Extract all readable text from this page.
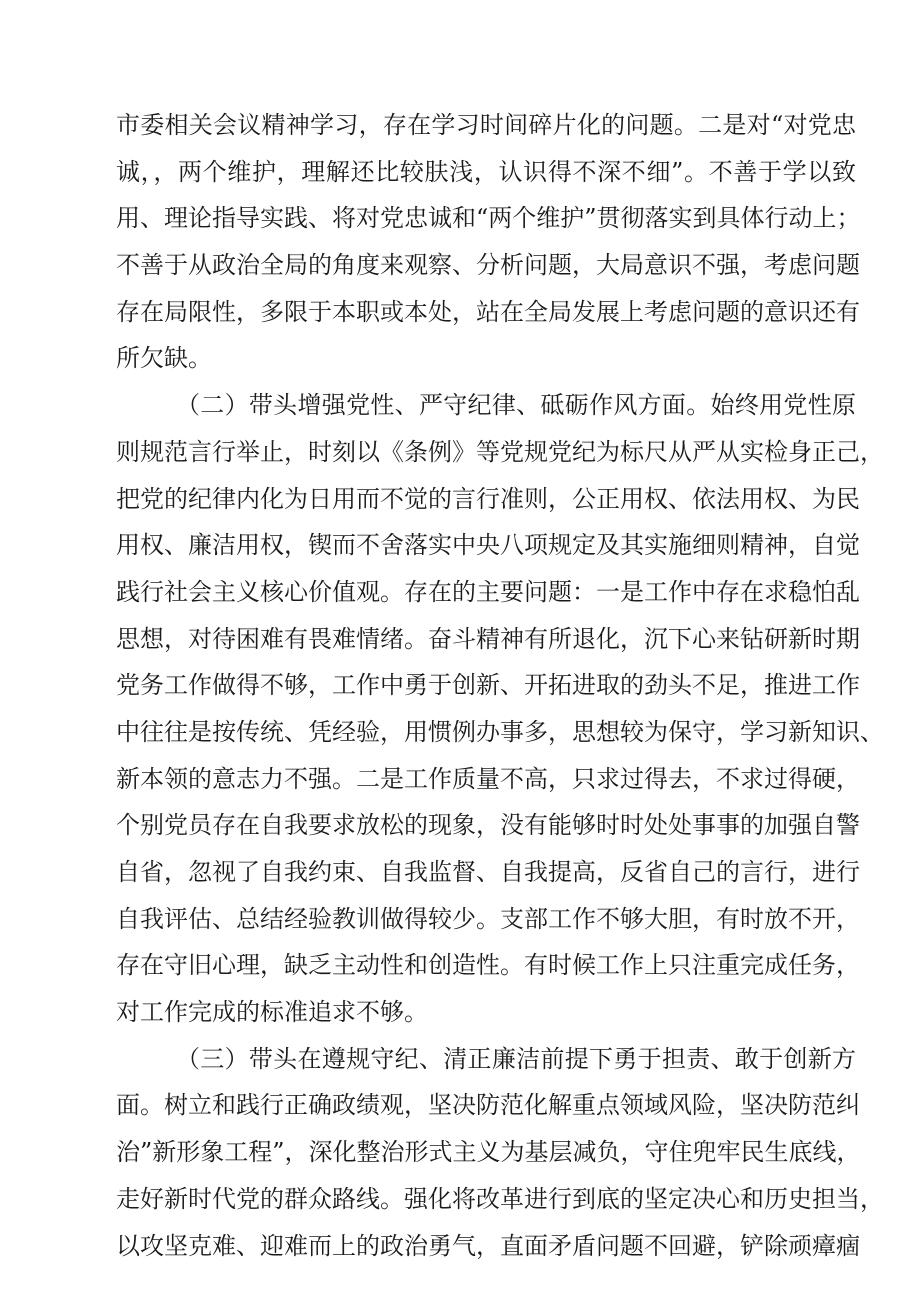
市委相关会议精神学习，存在学习时间碎片化的问题。二是对“对党忠
诚，，两个维护，理解还比较肤浅，认识得不深不细”。不善于学以致
用、理论指导实践、将对党忠诚和“两个维护”贯彻落实到具体行动上；
不善于从政治全局的角度来观察、分析问题，大局意识不强，考虑问题
存在局限性，多限于本职或本处，站在全局发展上考虑问题的意识还有
所欠缺。
（二）带头增强党性、严守纪律、砥砺作风方面。始终用党性原
则规范言行举止，时刻以《条例》等党规党纪为标尺从严从实检身正己，
把党的纪律内化为日用而不觉的言行准则，公正用权、依法用权、为民
用权、廉洁用权，锲而不舍落实中央八项规定及其实施细则精神，自觉
践行社会主义核心价值观。存在的主要问题：一是工作中存在求稳怕乱
思想，对待困难有畏难情绪。奋斗精神有所退化，沉下心来钻研新时期
党务工作做得不够，工作中勇于创新、开拓进取的劲头不足，推进工作
中往往是按传统、凭经验，用惯例办事多，思想较为保守，学习新知识、
新本领的意志力不强。二是工作质量不高，只求过得去，不求过得硬，
个别党员存在自我要求放松的现象，没有能够时时处处事事的加强自警
自省，忽视了自我约束、自我监督、自我提高，反省自己的言行，进行
自我评估、总结经验教训做得较少。支部工作不够大胆，有时放不开，
存在守旧心理，缺乏主动性和创造性。有时候工作上只注重完成任务，
对工作完成的标准追求不够。
（三）带头在遵规守纪、清正廉洁前提下勇于担责、敢于创新方
面。树立和践行正确政绩观，坚决防范化解重点领域风险，坚决防范纠
治”新形象工程”，深化整治形式主义为基层减负，守住兜牢民生底线，
走好新时代党的群众路线。强化将改革进行到底的坚定决心和历史担当，
以攻坚克难、迎难而上的政治勇气，直面矛盾问题不回避，铲除顽瘴痼
